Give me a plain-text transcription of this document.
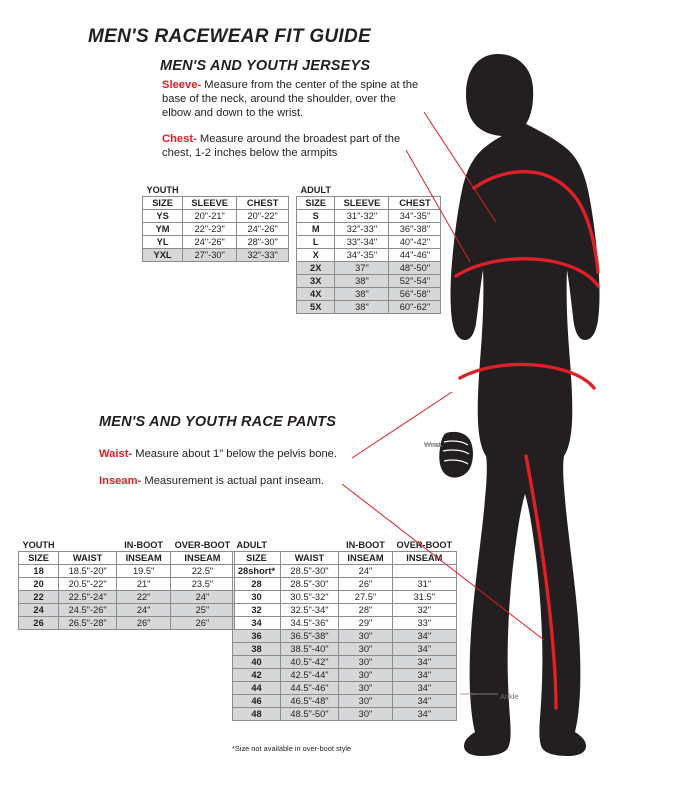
MEN'S RACEWEAR FIT GUIDE
MEN'S AND YOUTH JERSEYS
MEN'S AND YOUTH RACE PANTS
Sleeve- Measure from the center of the spine at the base of the neck, around the shoulder, over the elbow and down to the wrist.
Chest- Measure around the broadest part of the chest, 1-2 inches below the armpits
Waist- Measure about 1" below the pelvis bone.
Inseam- Measurement is actual pant inseam.
YOUTH		
SIZE	SLEEVE	CHEST
YS	20"-21"	20"-22"
YM	22"-23"	24"-26"
YL	24"-26"	28"-30"
YXL	27"-30"	32"-33"
ADULT		
SIZE	SLEEVE	CHEST
S	31"-32"	34"-35"
M	32"-33"	36"-38"
L	33"-34"	40"-42"
X	34"-35"	44"-46"
2X	37"	48"-50"
3X	38"	52"-54"
4X	38"	56"-58"
5X	38"	60"-62"
YOUTH		IN-BOOT	OVER-BOOT
SIZE	WAIST	INSEAM	INSEAM
18	18.5"-20"	19.5"	22.5"
20	20.5"-22"	21"	23.5"
22	22.5"-24"	22"	24"
24	24.5"-26"	24"	25"
26	26.5"-28"	26"	26"
ADULT		IN-BOOT	OVER-BOOT
SIZE	WAIST	INSEAM	INSEAM
28short*	28.5"-30"	24"	
28	28.5"-30"	26"	31"
30	30.5"-32"	27.5"	31.5"
32	32.5"-34"	28"	32"
34	34.5"-36"	29"	33"
36	36.5"-38"	30"	34"
38	38.5"-40"	30"	34"
40	40.5"-42"	30"	34"
42	42.5"-44"	30"	34"
44	44.5"-46"	30"	34"
46	46.5"-48"	30"	34"
48	48.5"-50"	30"	34"
*Size not available in over-boot style
Wrist
Ankle
